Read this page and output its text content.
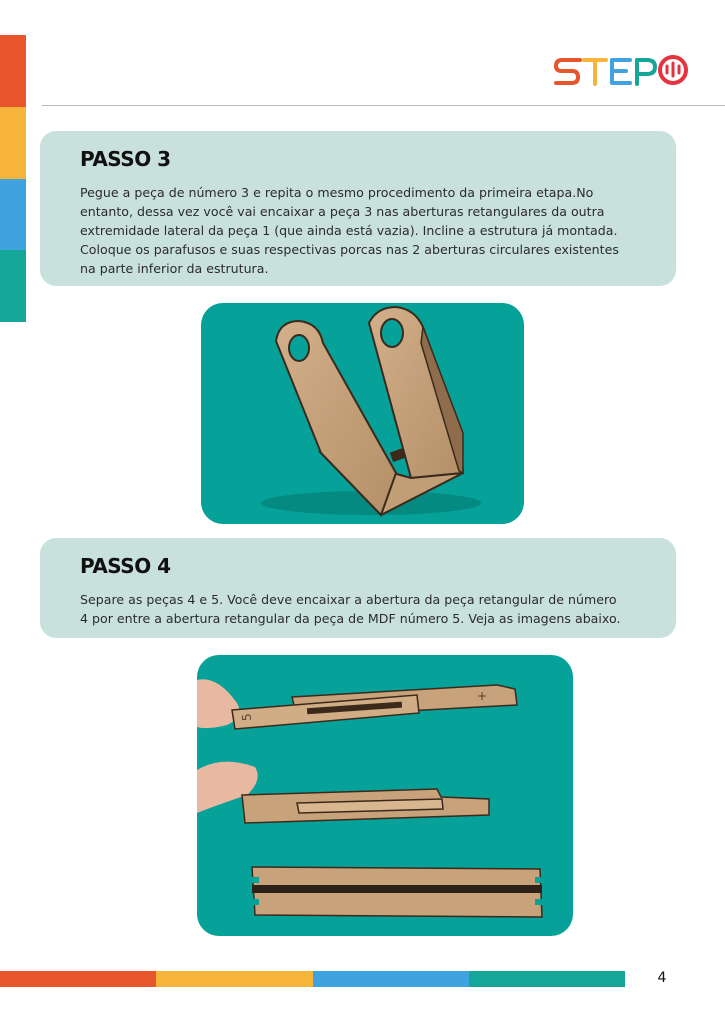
PASSO 3

Pegue a peça de número 3 e repita o mesmo procedimento da primeira etapa.No
entanto, dessa vez você vai encaixar a peça 3 nas aberturas retangulares da outra
extremidade lateral da peça 1 (que ainda está vazia). Incline a estrutura já montada.
Coloque os parafusos e suas respectivas porcas nas 2 aberturas circulares existentes
na parte inferior da estrutura.

PASSO 4

Separe as peças 4 e 5. Você deve encaixar a abertura da peça retangular de número
4 por entre a abertura retangular da peça de MDF número 5. Veja as imagens abaixo.

5
+
4
